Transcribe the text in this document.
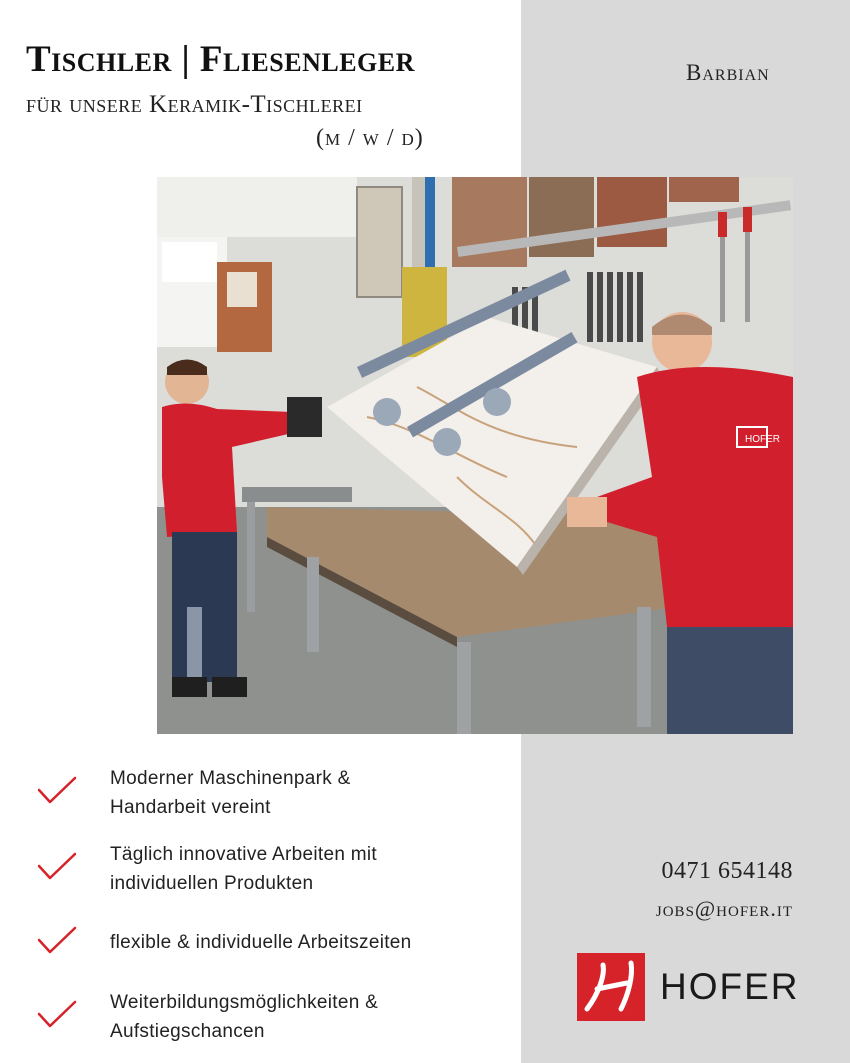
Tischler | Fliesenleger

für unsere Keramik-Tischlerei

(m / w / d)
Barbian
HOFER
Moderner Maschinenpark &
Handarbeit vereint
Täglich innovative Arbeiten mit
individuellen Produkten
flexible & individuelle Arbeitszeiten
Weiterbildungsmöglichkeiten &
Aufstiegschancen
0471 654148
jobs@hofer.it
HOFER
